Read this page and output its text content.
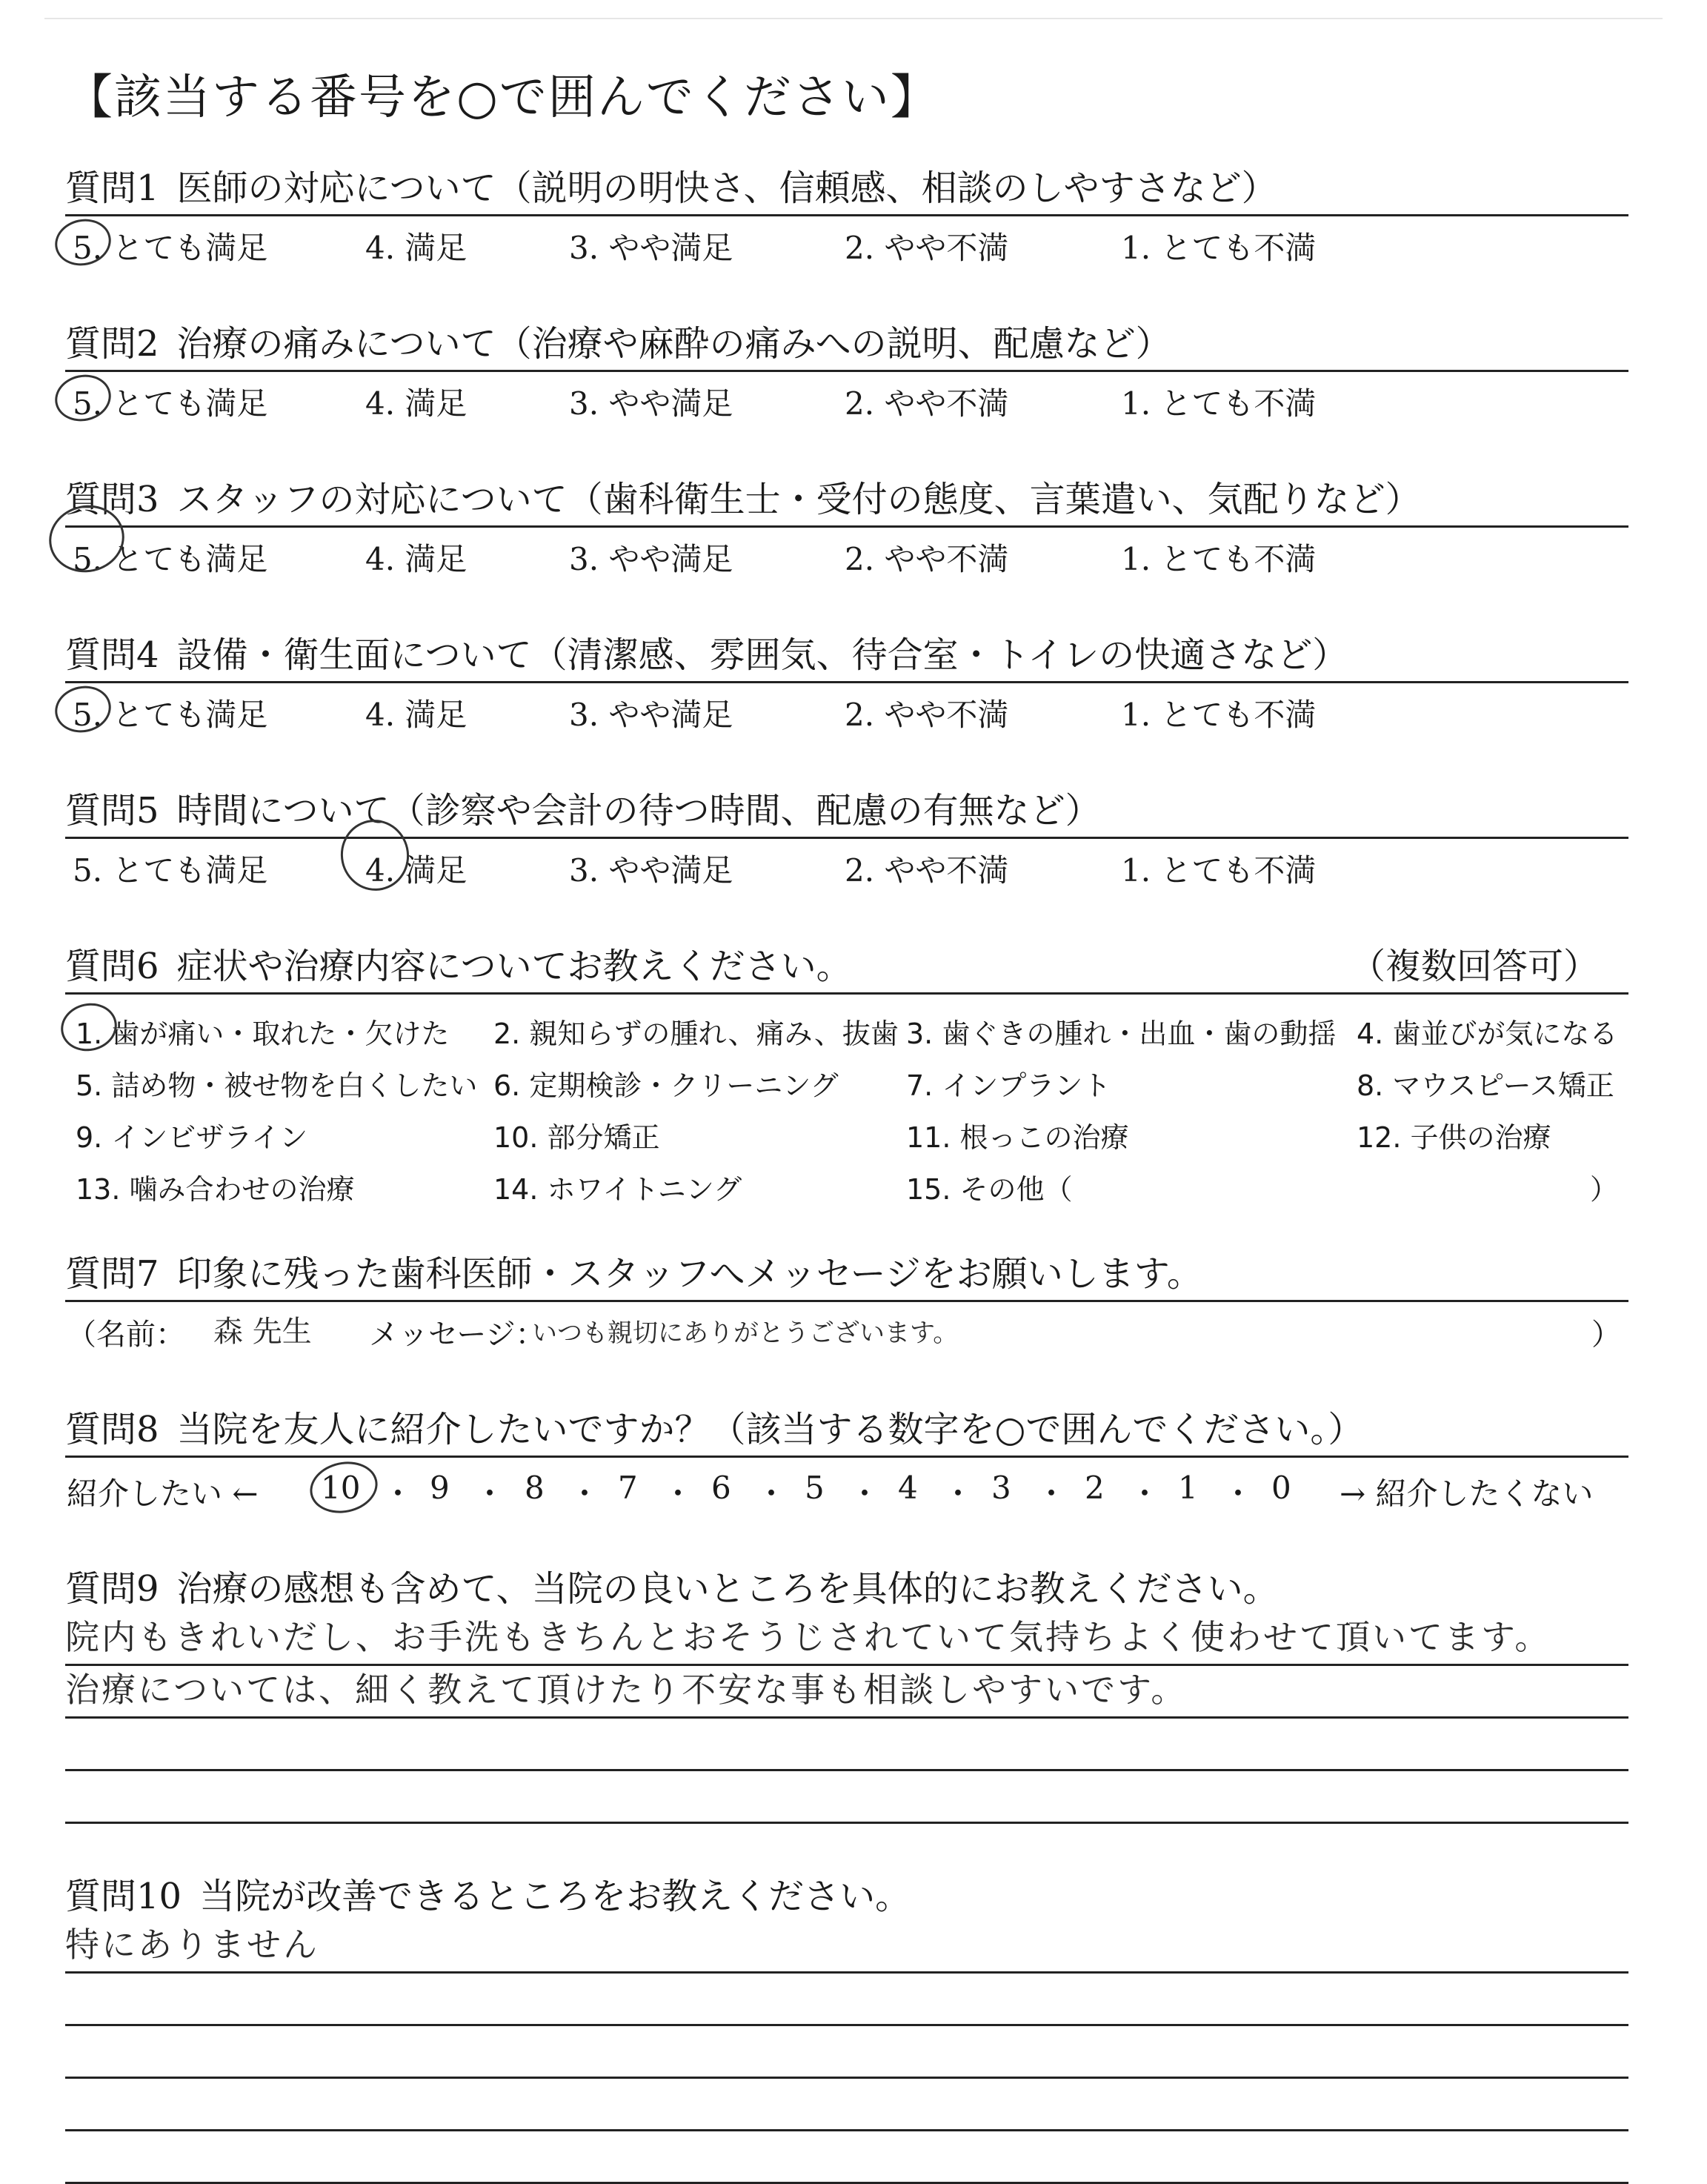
【該当する番号を○で囲んでください】
質問1 医師の対応について（説明の明快さ、信頼感、相談のしやすさなど）
5. とても満足	4. 満足	3. やや満足	2. やや不満	1. とても不満
質問2 治療の痛みについて（治療や麻酔の痛みへの説明、配慮など）
5. とても満足	4. 満足	3. やや満足	2. やや不満	1. とても不満
質問3 スタッフの対応について（歯科衛生士・受付の態度、言葉遣い、気配りなど）
5. とても満足	4. 満足	3. やや満足	2. やや不満	1. とても不満
質問4 設備・衛生面について（清潔感、雰囲気、待合室・トイレの快適さなど）
5. とても満足	4. 満足	3. やや満足	2. やや不満	1. とても不満
質問5 時間について（診察や会計の待つ時間、配慮の有無など）
5. とても満足	4. 満足	3. やや満足	2. やや不満	1. とても不満
質問6 症状や治療内容についてお教えください。	（複数回答可）
1. 歯が痛い・取れた・欠けた 2. 親知らずの腫れ、痛み、抜歯 3. 歯ぐきの腫れ・出血・歯の動揺 4. 歯並びが気になる
5. 詰め物・被せ物を白くしたい 6. 定期検診・クリーニング 7. インプラント	8. マウスピース矯正
9. インビザライン	10. 部分矯正	11. 根っこの治療	12. 子供の治療
13. 噛み合わせの治療	14. ホワイトニング	15. その他（	）
質問7 印象に残った歯科医師・スタッフへメッセージをお願いします。
（名前： 森 先生 メッセージ：
いつも親切にありがとうございます。	）
質問8 当院を友人に紹介したいですか？（該当する数字を○で囲んでください。）
紹介したい ← 10 ・ 9 ・ 8 ・ 7 ・ 6 ・ 5 ・ 4 ・ 3 ・ 2 ・ 1 ・ 0 → 紹介したくない
質問9 治療の感想も含めて、当院の良いところを具体的にお教えください。
院内もきれいだし、お手洗もきちんとおそうじされていて気持ちよく使わせて頂いてます。
治療については、細く教えて頂けたり不安な事も相談しやすいです。
質問10 当院が改善できるところをお教えください。
特にありません
